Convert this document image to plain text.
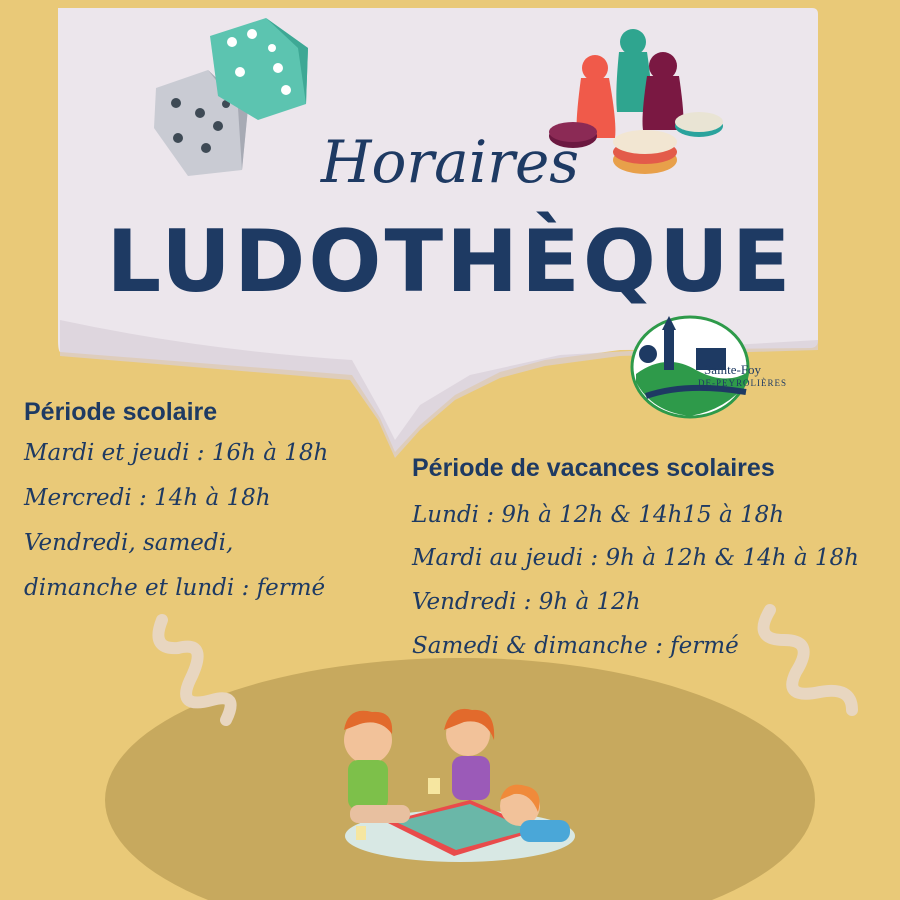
Horaires
LUDOTHÈQUE
Sainte-Foy
DE-PEYROLIÈRES
Période scolaire
Mardi et jeudi : 16h à 18h
Mercredi : 14h à 18h
Vendredi, samedi,
dimanche et lundi : fermé
Période de vacances scolaires
Lundi : 9h à 12h & 14h15 à 18h
Mardi au jeudi : 9h à 12h & 14h à 18h
Vendredi : 9h à 12h
Samedi & dimanche : fermé
